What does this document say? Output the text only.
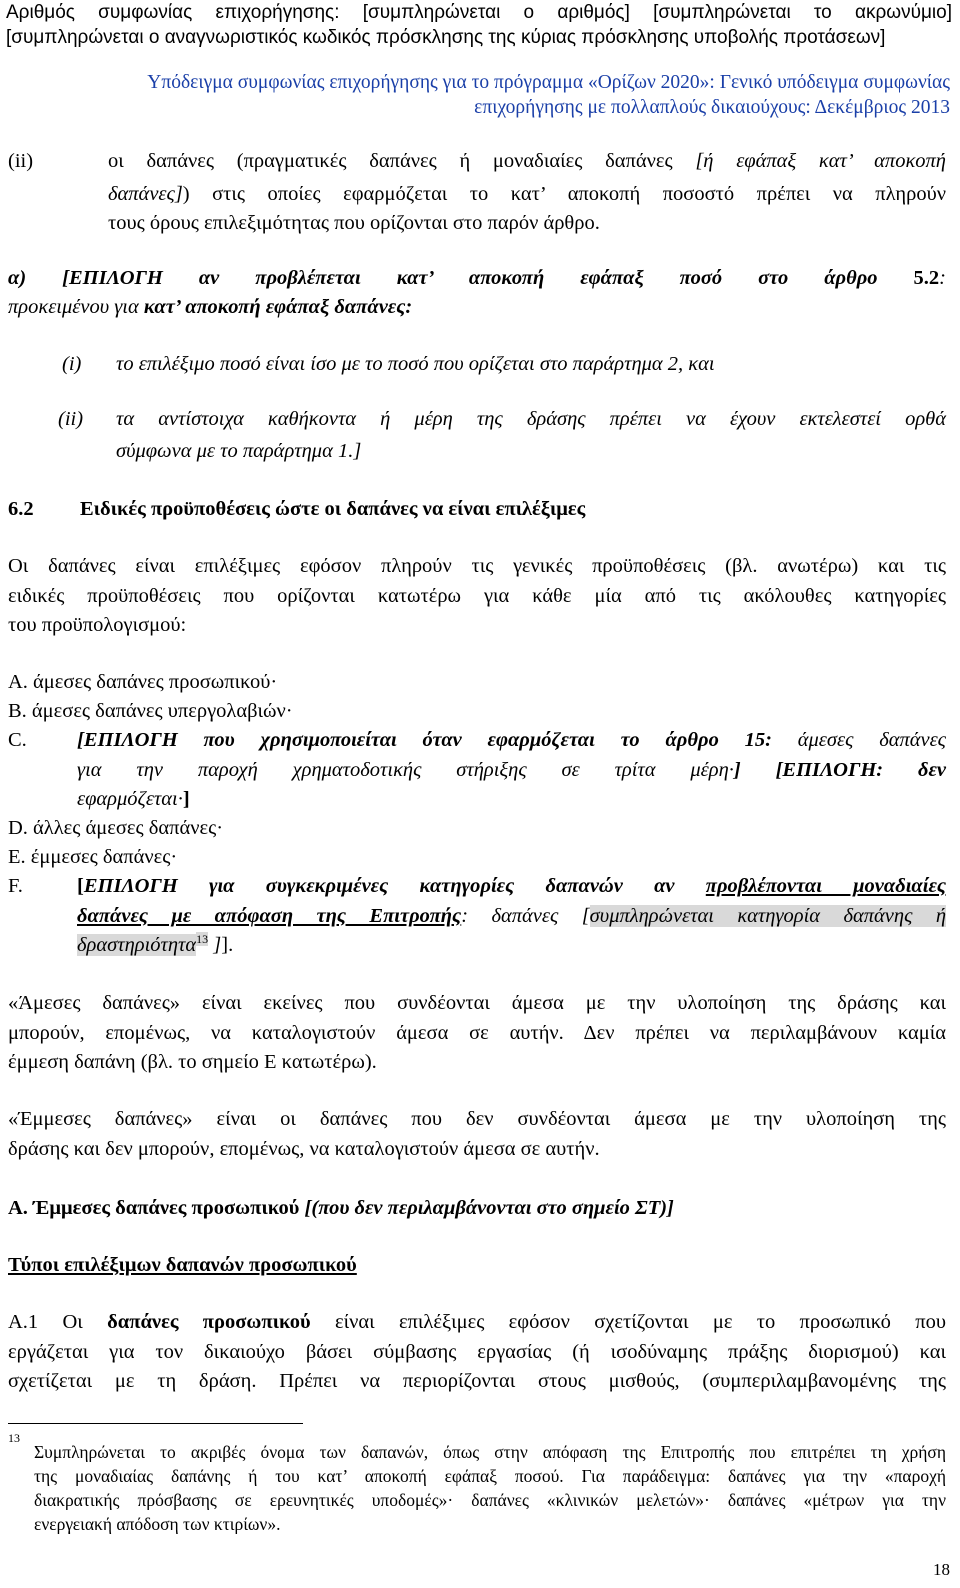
Αριθμός συμφωνίας επιχορήγησης: [συμπληρώνεται ο αριθμός] [συμπληρώνεται το ακρωνύμιο]
[συμπληρώνεται ο αναγνωριστικός κωδικός πρόσκλησης της κύριας πρόσκλησης υποβολής προτάσεων]
Υπόδειγμα συμφωνίας επιχορήγησης για το πρόγραμμα «Ορίζων 2020»: Γενικό υπόδειγμα συμφωνίας
επιχορήγησης με πολλαπλούς δικαιούχους: Δεκέμβριος 2013
(ii)	οι δαπάνες (πραγματικές δαπάνες ή μοναδιαίες δαπάνες [ή εφάπαξ κατ’ αποκοπή
δαπάνες]) στις οποίες εφαρμόζεται το κατ’ αποκοπή ποσοστό πρέπει να πληρούν
τους όρους επιλεξιμότητας που ορίζονται στο παρόν άρθρο.
α) [ΕΠΙΛΟΓΗ αν προβλέπεται κατ’ αποκοπή εφάπαξ ποσό στο άρθρο 5.2:
προκειμένου για κατ’ αποκοπή εφάπαξ δαπάνες:
(i) το επιλέξιμο ποσό είναι ίσο με το ποσό που ορίζεται στο παράρτημα 2, και
(ii) τα αντίστοιχα καθήκοντα ή μέρη της δράσης πρέπει να έχουν εκτελεστεί ορθά
σύμφωνα με το παράρτημα 1.]
6.2 Ειδικές προϋποθέσεις ώστε οι δαπάνες να είναι επιλέξιμες
Οι δαπάνες είναι επιλέξιμες εφόσον πληρούν τις γενικές προϋποθέσεις (βλ. ανωτέρω) και τις
ειδικές προϋποθέσεις που ορίζονται κατωτέρω για κάθε μία από τις ακόλουθες κατηγορίες
του προϋπολογισμού:
A. άμεσες δαπάνες προσωπικού·
B. άμεσες δαπάνες υπεργολαβιών·
C. [ΕΠΙΛΟΓΗ που χρησιμοποιείται όταν εφαρμόζεται το άρθρο 15: άμεσες δαπάνες
για την παροχή χρηματοδοτικής στήριξης σε τρίτα μέρη·] [ΕΠΙΛΟΓΗ: δεν
εφαρμόζεται·]
D. άλλες άμεσες δαπάνες·
E. έμμεσες δαπάνες·
F.	[ΕΠΙΛΟΓΗ για συγκεκριμένες κατηγορίες δαπανών αν προβλέπονται μοναδιαίες
δαπάνες με απόφαση της Επιτροπής: δαπάνες [συμπληρώνεται κατηγορία δαπάνης ή
δραστηριότητα$^{13}$ ]].
«Άμεσες δαπάνες» είναι εκείνες που συνδέονται άμεσα με την υλοποίηση της δράσης και
μπορούν, επομένως, να καταλογιστούν άμεσα σε αυτήν. Δεν πρέπει να περιλαμβάνουν καμία
έμμεση δαπάνη (βλ. το σημείο Ε κατωτέρω).
«Έμμεσες δαπάνες» είναι οι δαπάνες που δεν συνδέονται άμεσα με την υλοποίηση της
δράσης και δεν μπορούν, επομένως, να καταλογιστούν άμεσα σε αυτήν.
A. Έμμεσες δαπάνες προσωπικού [(που δεν περιλαμβάνονται στο σημείο ΣΤ)]
Τύποι επιλέξιμων δαπανών προσωπικού
A.1 Οι δαπάνες προσωπικού είναι επιλέξιμες εφόσον σχετίζονται με το προσωπικό που
εργάζεται για τον δικαιούχο βάσει σύμβασης εργασίας (ή ισοδύναμης πράξης διορισμού) και
σχετίζεται με τη δράση. Πρέπει να περιορίζονται στους μισθούς, (συμπεριλαμβανομένης της
13
Συμπληρώνεται το ακριβές όνομα των δαπανών, όπως στην απόφαση της Επιτροπής που επιτρέπει τη χρήση
της μοναδιαίας δαπάνης ή του κατ’ αποκοπή εφάπαξ ποσού. Για παράδειγμα: δαπάνες για την «παροχή
διακρατικής πρόσβασης σε ερευνητικές υποδομές»· δαπάνες «κλινικών μελετών»· δαπάνες «μέτρων για την
ενεργειακή απόδοση των κτιρίων».
18
